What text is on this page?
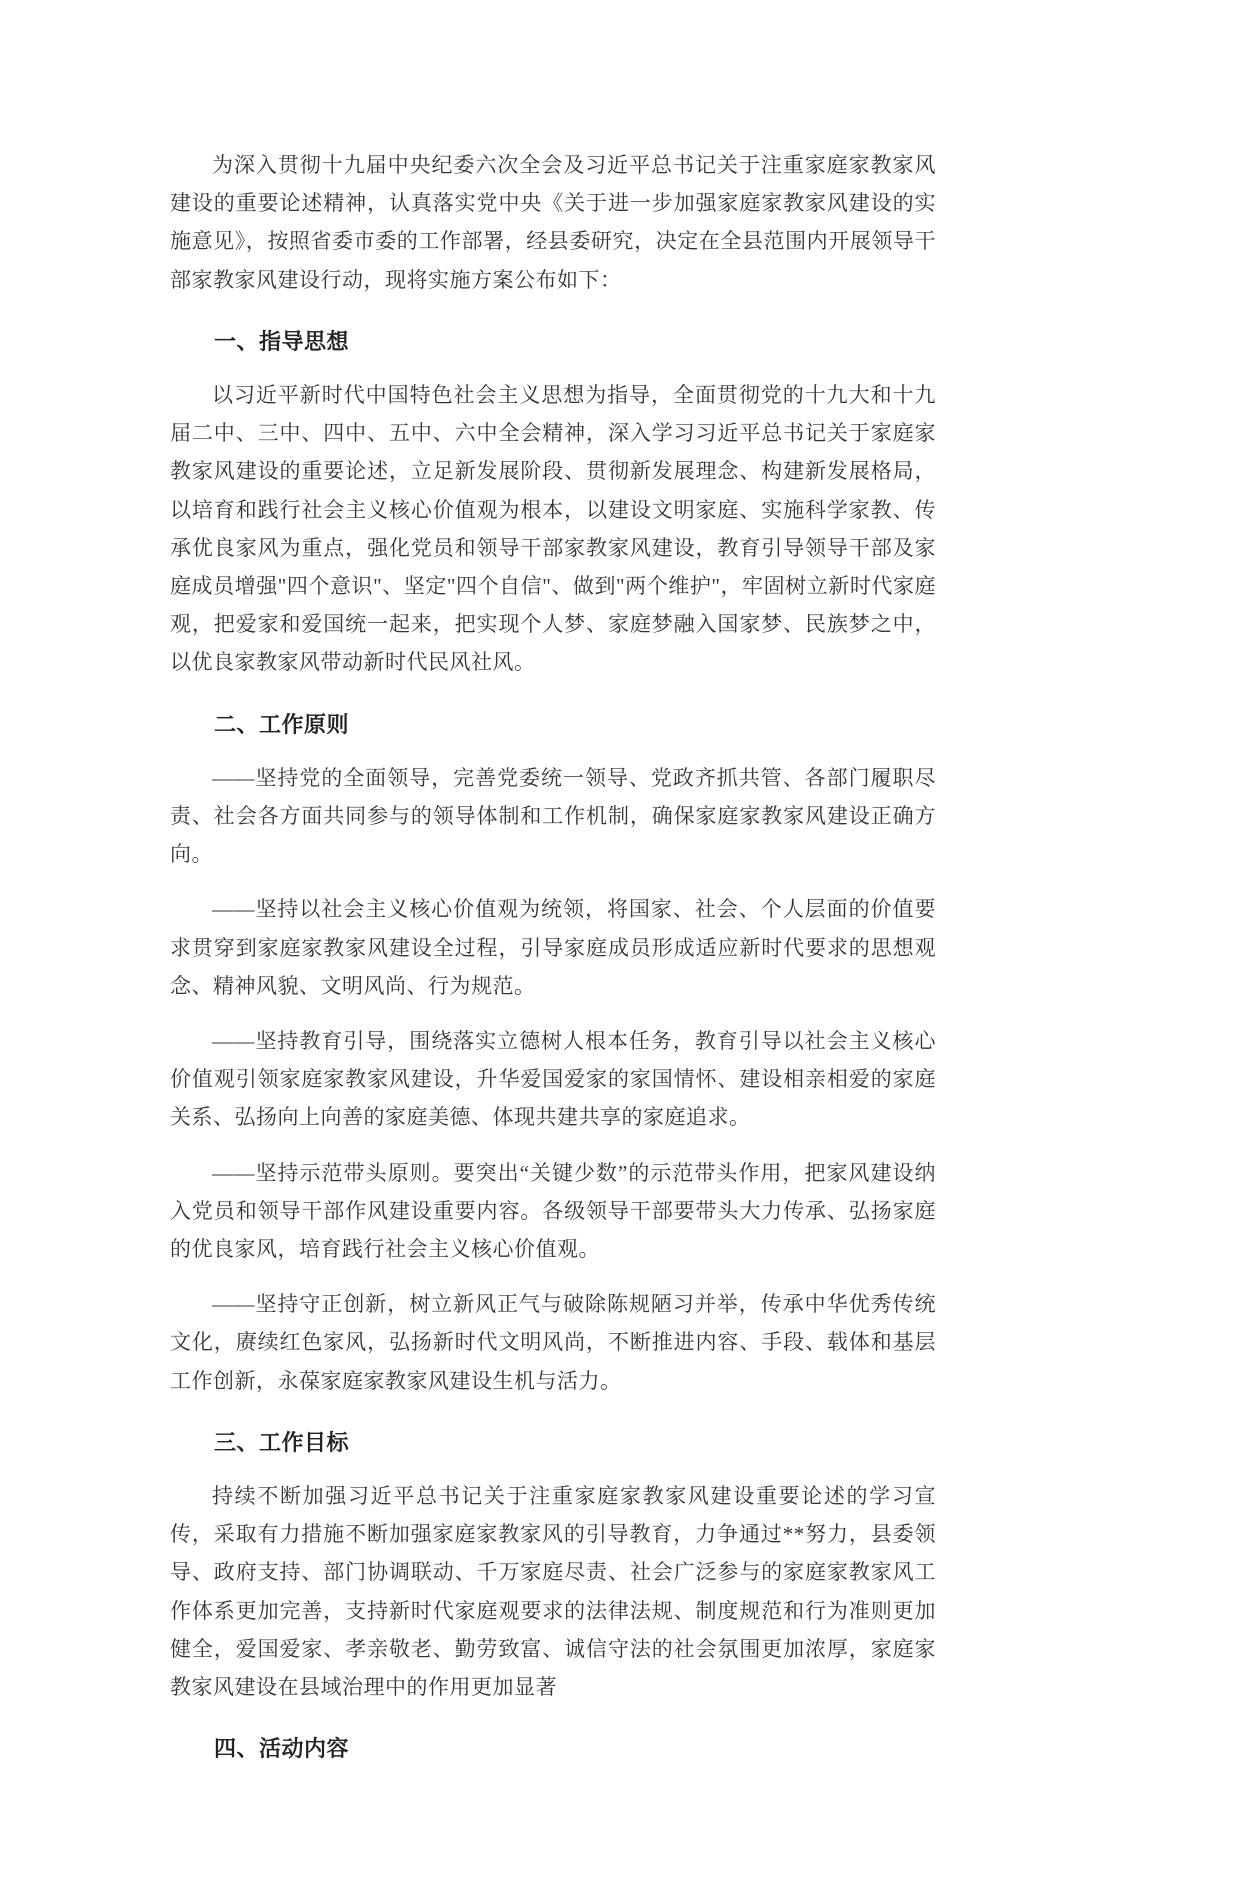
为深入贯彻十九届中央纪委六次全会及习近平总书记关于注重家庭家教家风建设的重要论述精神，认真落实党中央《关于进一步加强家庭家教家风建设的实施意见》，按照省委市委的工作部署，经县委研究，决定在全县范围内开展领导干部家教家风建设行动，现将实施方案公布如下：

一、指导思想

以习近平新时代中国特色社会主义思想为指导，全面贯彻党的十九大和十九届二中、三中、四中、五中、六中全会精神，深入学习习近平总书记关于家庭家教家风建设的重要论述，立足新发展阶段、贯彻新发展理念、构建新发展格局，以培育和践行社会主义核心价值观为根本，以建设文明家庭、实施科学家教、传承优良家风为重点，强化党员和领导干部家教家风建设，教育引导领导干部及家庭成员增强"四个意识"、坚定"四个自信"、做到"两个维护"，牢固树立新时代家庭观，把爱家和爱国统一起来，把实现个人梦、家庭梦融入国家梦、民族梦之中，以优良家教家风带动新时代民风社风。

二、工作原则

——坚持党的全面领导，完善党委统一领导、党政齐抓共管、各部门履职尽责、社会各方面共同参与的领导体制和工作机制，确保家庭家教家风建设正确方向。

——坚持以社会主义核心价值观为统领，将国家、社会、个人层面的价值要求贯穿到家庭家教家风建设全过程，引导家庭成员形成适应新时代要求的思想观念、精神风貌、文明风尚、行为规范。

——坚持教育引导，围绕落实立德树人根本任务，教育引导以社会主义核心价值观引领家庭家教家风建设，升华爱国爱家的家国情怀、建设相亲相爱的家庭关系、弘扬向上向善的家庭美德、体现共建共享的家庭追求。

——坚持示范带头原则。要突出“关键少数”的示范带头作用，把家风建设纳入党员和领导干部作风建设重要内容。各级领导干部要带头大力传承、弘扬家庭的优良家风，培育践行社会主义核心价值观。

——坚持守正创新，树立新风正气与破除陈规陋习并举，传承中华优秀传统文化，赓续红色家风，弘扬新时代文明风尚，不断推进内容、手段、载体和基层工作创新，永葆家庭家教家风建设生机与活力。

三、工作目标

持续不断加强习近平总书记关于注重家庭家教家风建设重要论述的学习宣传，采取有力措施不断加强家庭家教家风的引导教育，力争通过**努力，县委领导、政府支持、部门协调联动、千万家庭尽责、社会广泛参与的家庭家教家风工作体系更加完善，支持新时代家庭观要求的法律法规、制度规范和行为准则更加健全，爱国爱家、孝亲敬老、勤劳致富、诚信守法的社会氛围更加浓厚，家庭家教家风建设在县域治理中的作用更加显著

四、活动内容
